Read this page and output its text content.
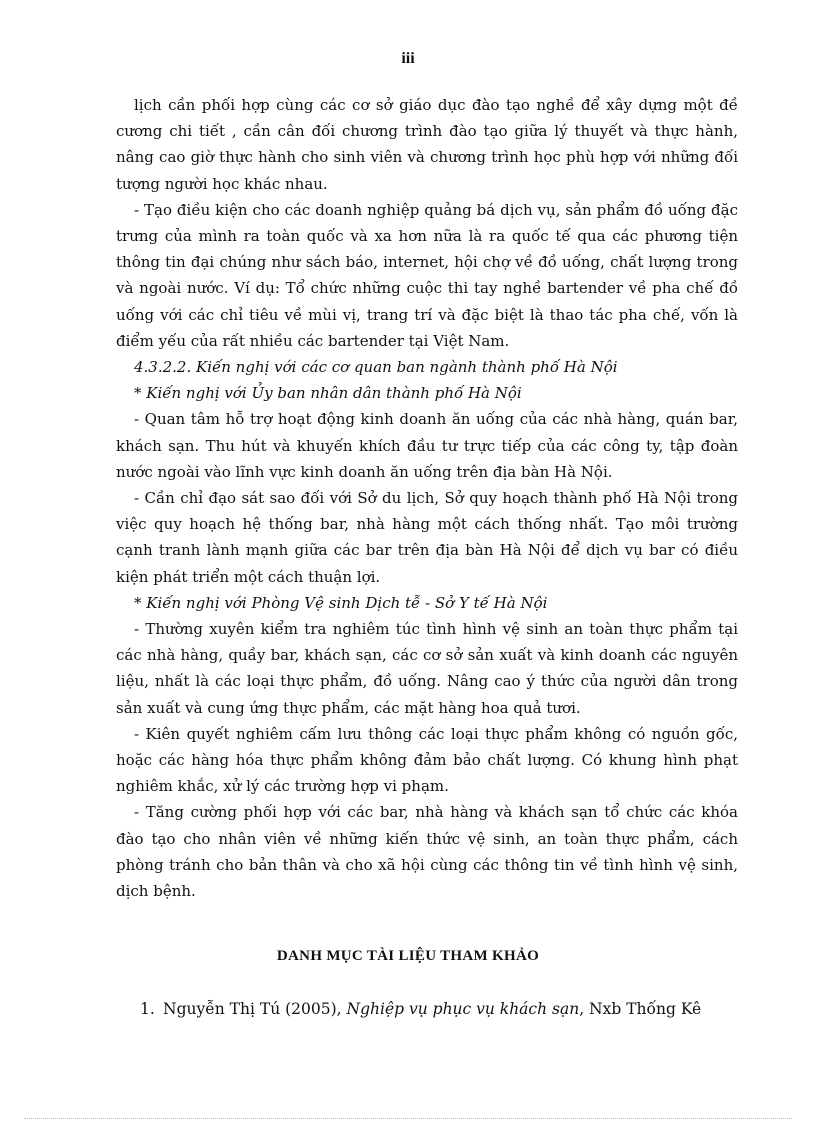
iii

lịch cần phối hợp cùng các cơ sở giáo dục đào tạo nghề để xây dựng một đề cương chi tiết , cần cân đối chương trình đào tạo giữa lý thuyết và thực hành, nâng cao giờ thực hành cho sinh viên và chương trình học phù hợp với những đối tượng người học khác nhau.

- Tạo điều kiện cho các doanh nghiệp quảng bá dịch vụ, sản phẩm đồ uống đặc trưng của mình ra toàn quốc và xa hơn nữa là ra quốc tế qua các phương tiện thông tin đại chúng như sách báo, internet, hội chợ về đồ uống, chất lượng trong và ngoài nước. Ví dụ: Tổ chức những cuộc thi tay nghề bartender về pha chế đồ uống với các chỉ tiêu về mùi vị, trang trí và đặc biệt là thao tác pha chế, vốn là điểm yếu của rất nhiều các bartender tại Việt Nam.

4.3.2.2. Kiến nghị với các cơ quan ban ngành thành phố Hà Nội

* Kiến nghị với Ủy ban nhân dân thành phố Hà Nội

- Quan tâm hỗ trợ hoạt động kinh doanh ăn uống của các nhà hàng, quán bar, khách sạn. Thu hút và khuyến khích đầu tư trực tiếp của các công ty, tập đoàn nước ngoài vào lĩnh vực kinh doanh ăn uống trên địa bàn Hà Nội.

- Cần chỉ đạo sát sao đối với Sở du lịch, Sở quy hoạch thành phố Hà Nội trong việc quy hoạch hệ thống bar, nhà hàng một cách thống nhất. Tạo môi trường cạnh tranh lành mạnh giữa các bar trên địa bàn Hà Nội để dịch vụ bar có điều kiện phát triển một cách thuận lợi.

* Kiến nghị với Phòng Vệ sinh Dịch tễ - Sở Y tế Hà Nội

- Thường xuyên kiểm tra nghiêm túc tình hình vệ sinh an toàn thực phẩm tại các nhà hàng, quầy bar, khách sạn, các cơ sở sản xuất và kinh doanh các nguyên liệu, nhất là các loại thực phẩm, đồ uống. Nâng cao ý thức của người dân trong sản xuất và cung ứng thực phẩm, các mặt hàng hoa quả tươi.

- Kiên quyết nghiêm cấm lưu thông các loại thực phẩm không có nguồn gốc, hoặc các hàng hóa thực phẩm không đảm bảo chất lượng. Có khung hình phạt nghiêm khắc, xử lý các trường hợp vi phạm.

- Tăng cường phối hợp với các bar, nhà hàng và khách sạn tổ chức các khóa đào tạo cho nhân viên về những kiến thức vệ sinh, an toàn thực phẩm, cách phòng tránh cho bản thân và cho xã hội cùng các thông tin về tình hình vệ sinh, dịch bệnh.

DANH MỤC TÀI LIỆU THAM KHẢO

1. Nguyễn Thị Tú (2005), Nghiệp vụ phục vụ khách sạn, Nxb Thống Kê
